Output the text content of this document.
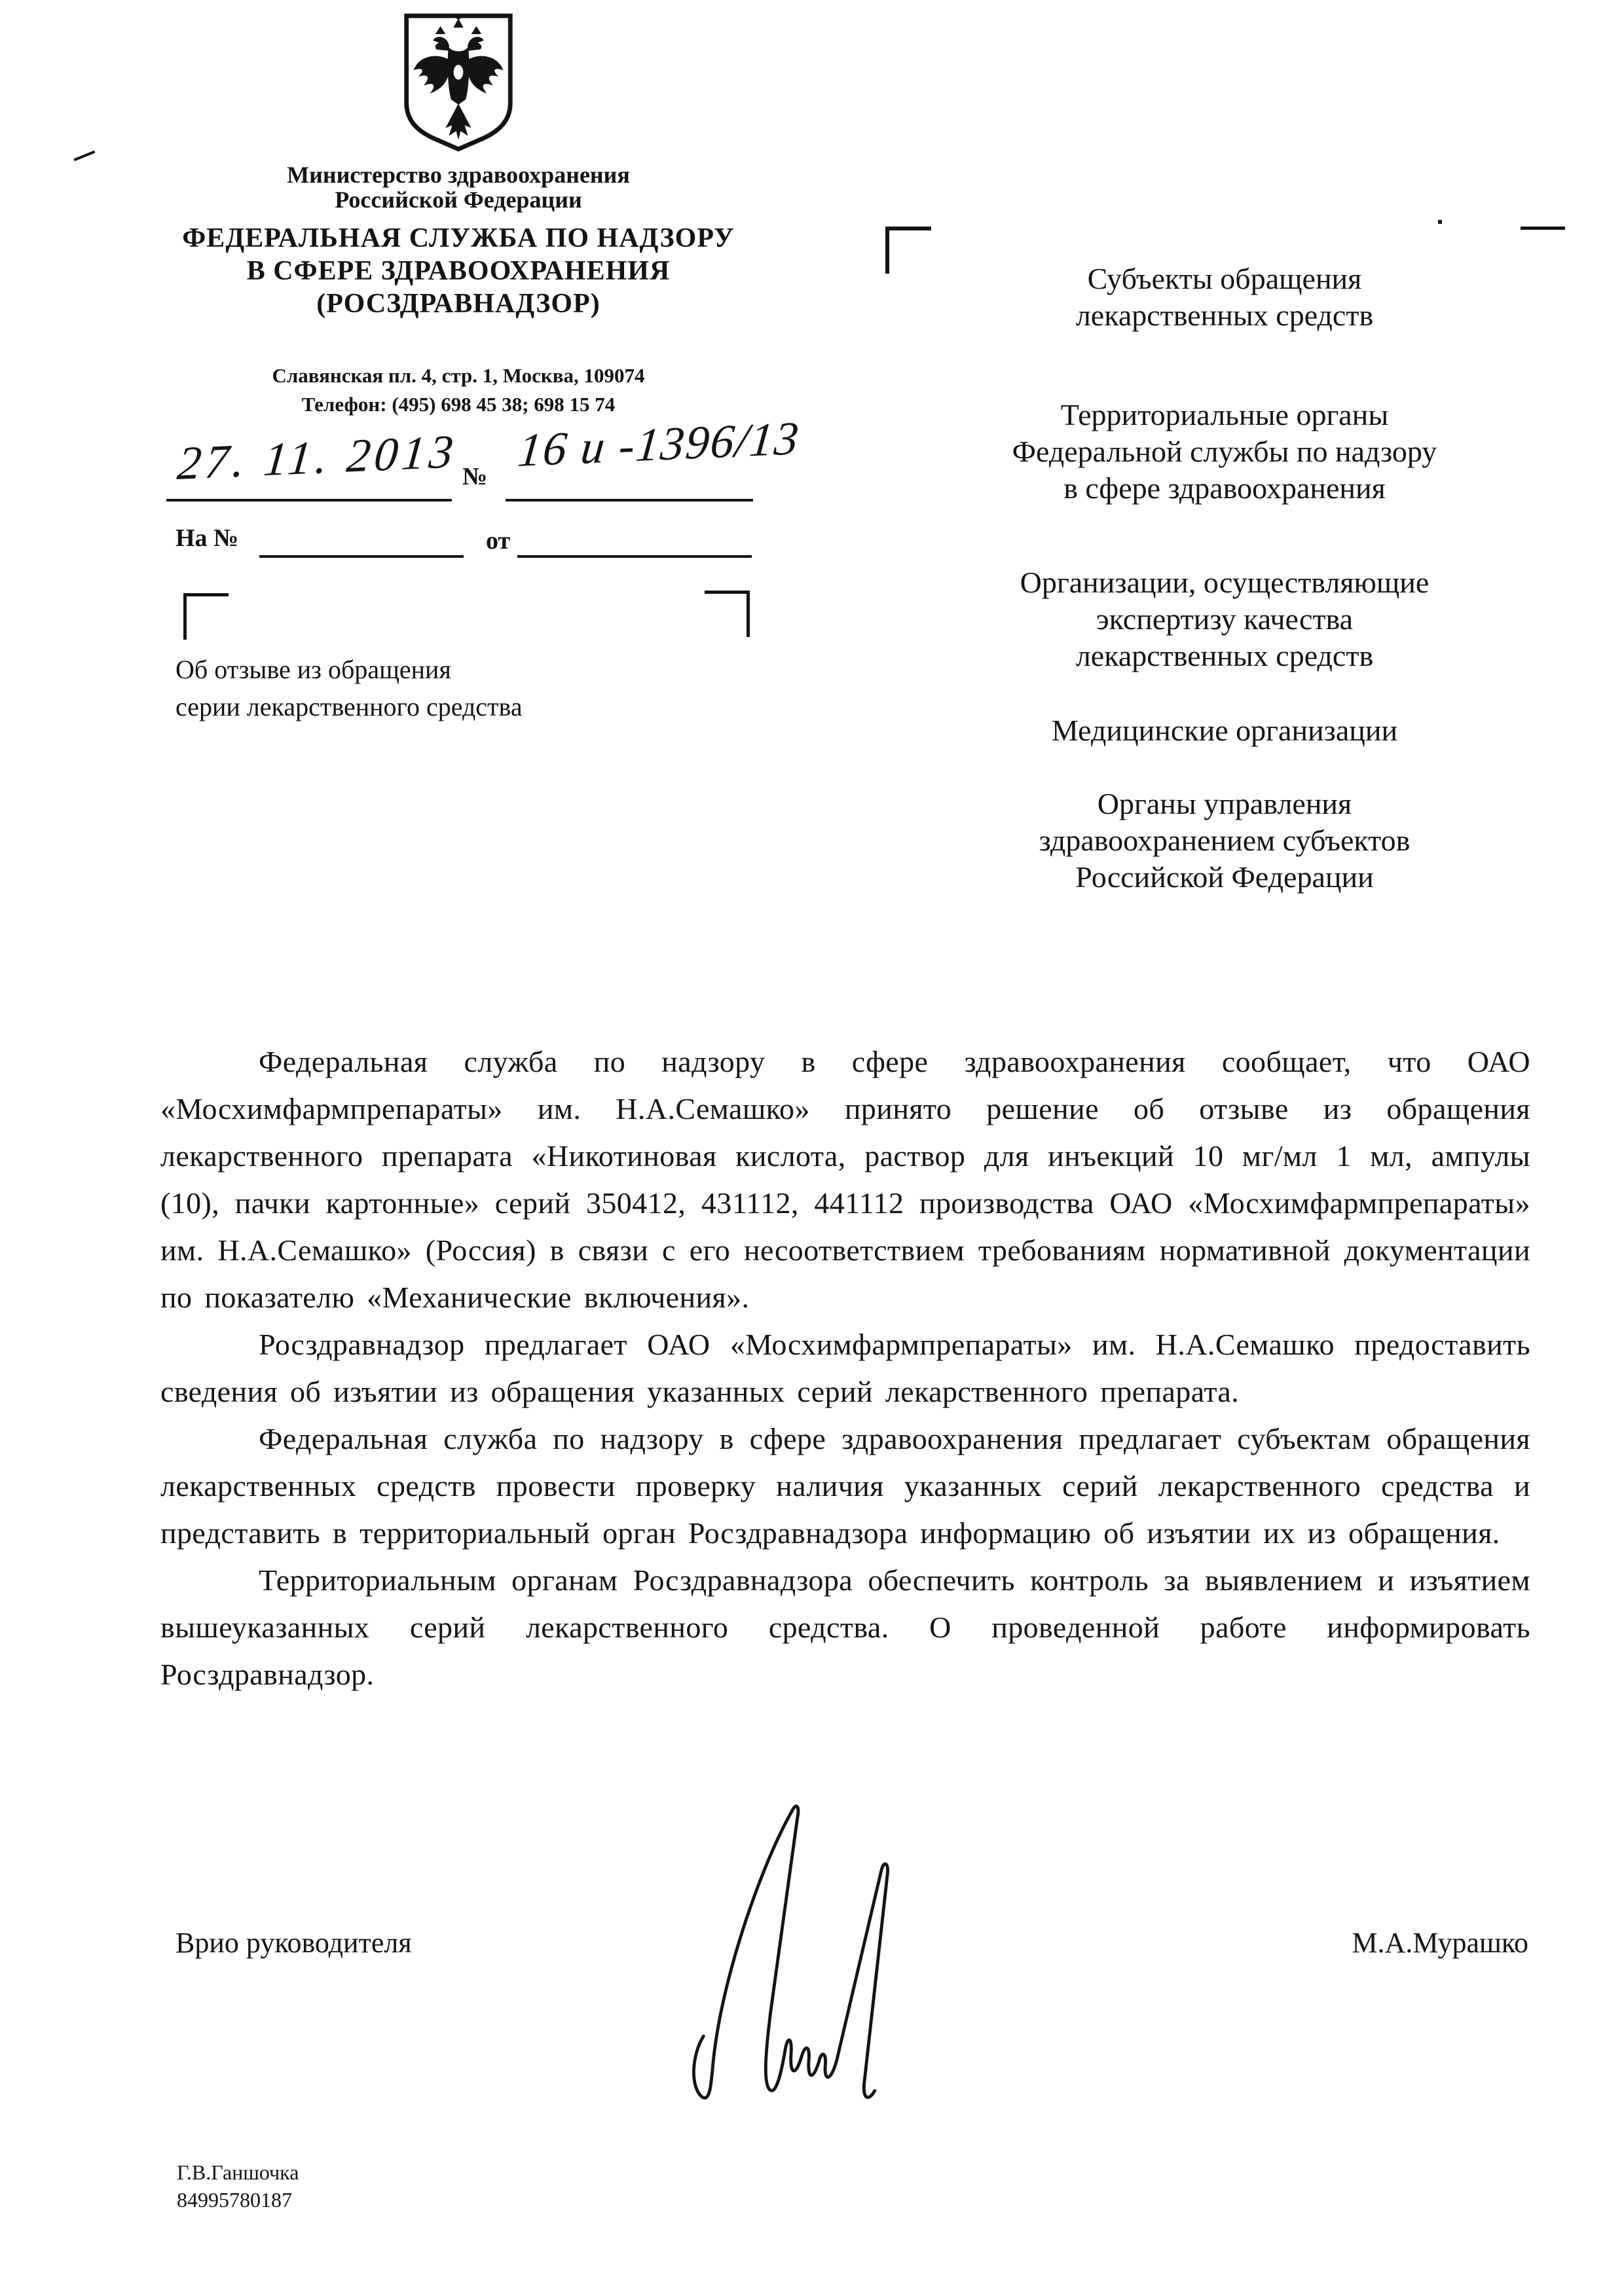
Министерство здравоохранения
Российской Федерации
ФЕДЕРАЛЬНАЯ СЛУЖБА ПО НАДЗОРУ
В СФЕРЕ ЗДРАВООХРАНЕНИЯ
(РОСЗДРАВНАДЗОР)
Славянская пл. 4, стр. 1, Москва, 109074
Телефон: (495) 698 45 38; 698 15 74
27. 11. 2013 № 16 и -1396/13
На №	от
Об отзыве из обращения
серии лекарственного средства
Субъекты обращения
лекарственных средств
Территориальные органы
Федеральной службы по надзору
в сфере здравоохранения
Организации, осуществляющие
экспертизу качества
лекарственных средств
Медицинские организации
Органы управления
здравоохранением субъектов
Российской Федерации

Федеральная служба по надзору в сфере здравоохранения сообщает, что ОАО «Мосхимфармпрепараты» им. Н.А.Семашко» принято решение об отзыве из обращения лекарственного препарата «Никотиновая кислота, раствор для инъекций 10 мг/мл 1 мл, ампулы (10), пачки картонные» серий 350412, 431112, 441112 производства ОАО «Мосхимфармпрепараты» им. Н.А.Семашко» (Россия) в связи с его несоответствием требованиям нормативной документации по показателю «Механические включения».

Росздравнадзор предлагает ОАО «Мосхимфармпрепараты» им. Н.А.Семашко предоставить сведения об изъятии из обращения указанных серий лекарственного препарата.

Федеральная служба по надзору в сфере здравоохранения предлагает субъектам обращения лекарственных средств провести проверку наличия указанных серий лекарственного средства и представить в территориальный орган Росздравнадзора информацию об изъятии их из обращения.

Территориальным органам Росздравнадзора обеспечить контроль за выявлением и изъятием вышеуказанных серий лекарственного средства. О проведенной работе информировать Росздравнадзор.

Врио руководителя	М.А.Мурашко
Г.В.Ганшочка
84995780187
